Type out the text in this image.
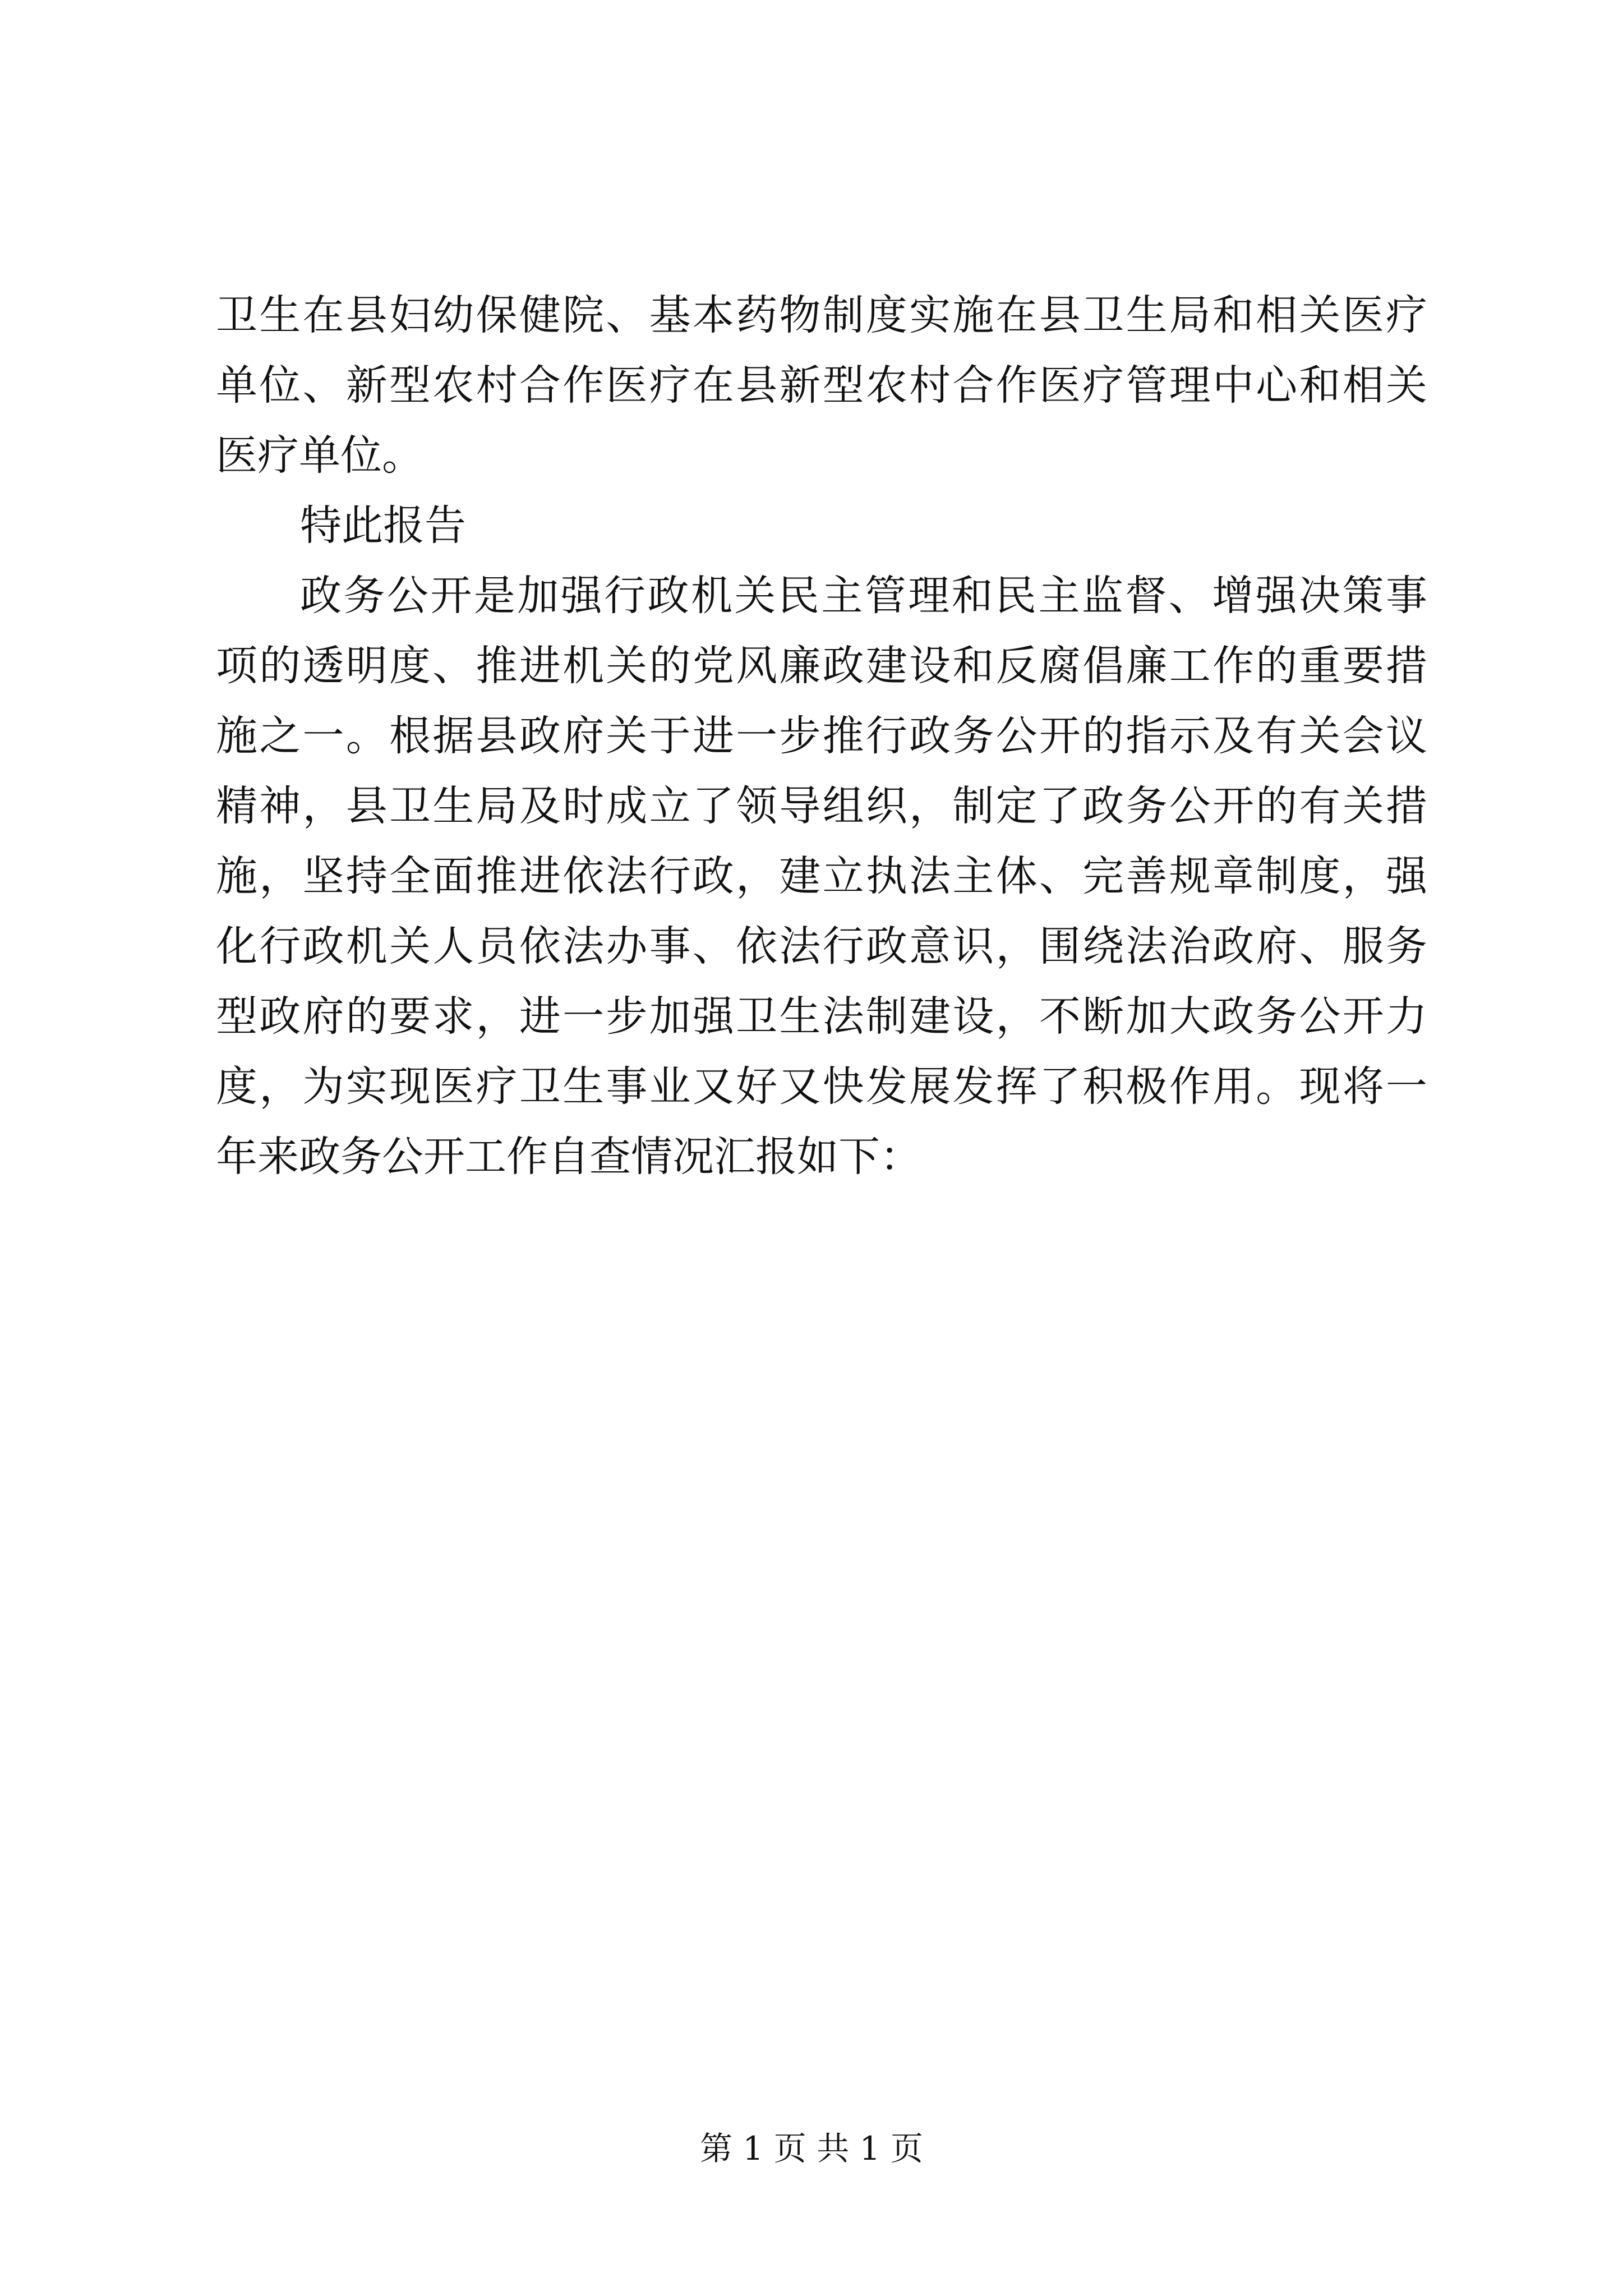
卫生在县妇幼保健院、基本药物制度实施在县卫生局和相关医疗
单位、新型农村合作医疗在县新型农村合作医疗管理中心和相关
医疗单位。
特此报告
政务公开是加强行政机关民主管理和民主监督、增强决策事
项的透明度、推进机关的党风廉政建设和反腐倡廉工作的重要措
施之一。根据县政府关于进一步推行政务公开的指示及有关会议
精神，县卫生局及时成立了领导组织，制定了政务公开的有关措
施，坚持全面推进依法行政，建立执法主体、完善规章制度，强
化行政机关人员依法办事、依法行政意识，围绕法治政府、服务
型政府的要求，进一步加强卫生法制建设，不断加大政务公开力
度，为实现医疗卫生事业又好又快发展发挥了积极作用。现将一
年来政务公开工作自查情况汇报如下：
第 1 页 共 1 页
